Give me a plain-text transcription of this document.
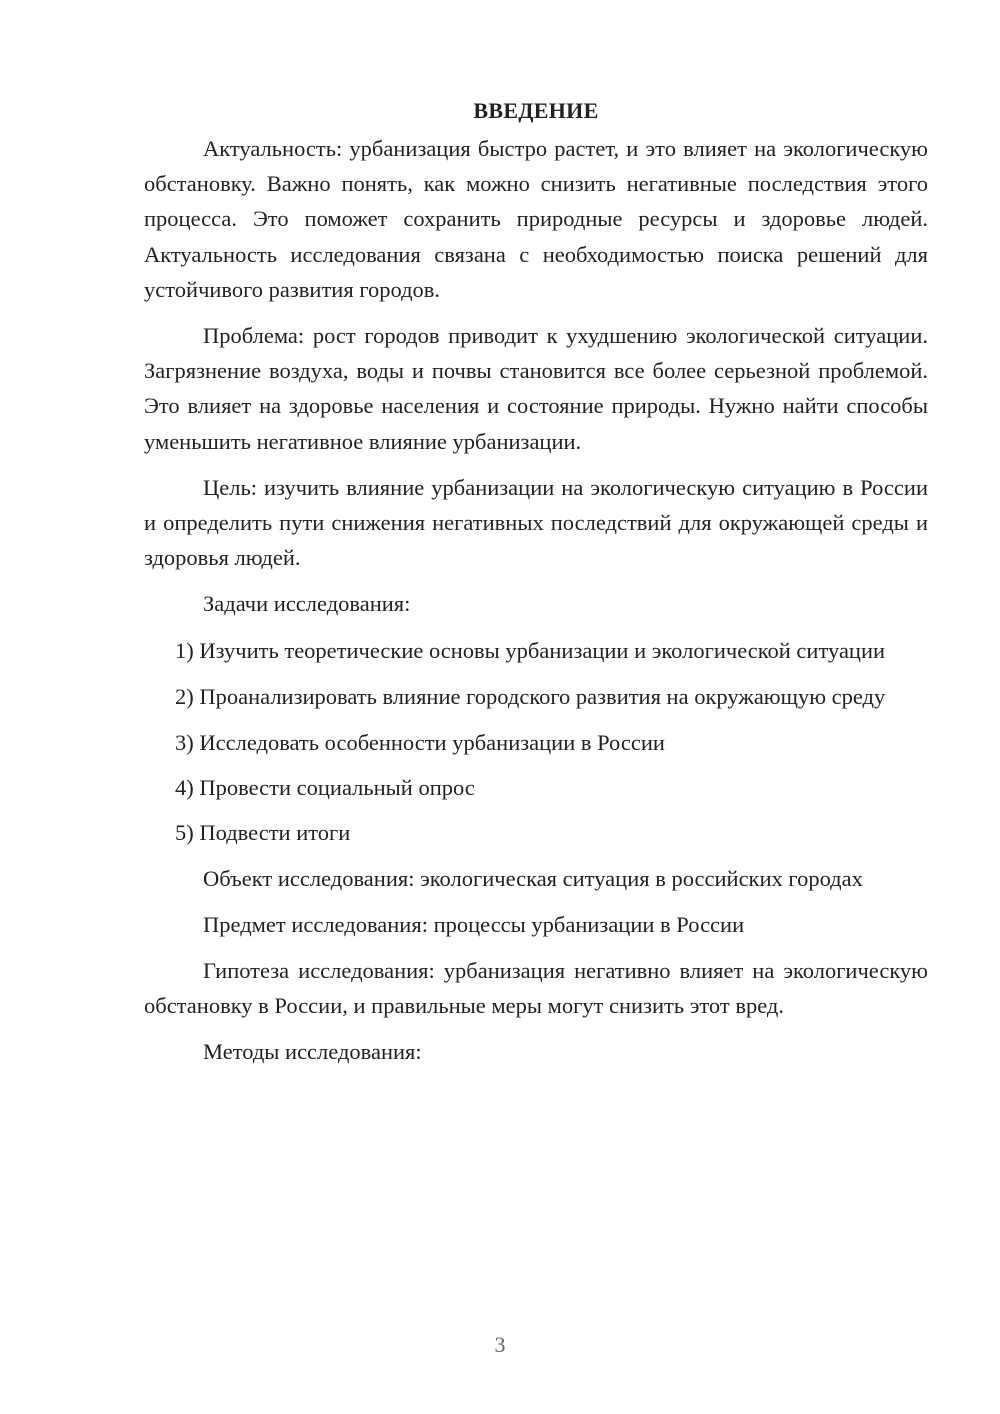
ВВЕДЕНИЕ

Актуальность: урбанизация быстро растет, и это влияет на экологическую обстановку. Важно понять, как можно снизить негативные последствия этого процесса. Это поможет сохранить природные ресурсы и здоровье людей. Актуальность исследования связана с необходимостью поиска решений для устойчивого развития городов.

Проблема: рост городов приводит к ухудшению экологической ситуации. Загрязнение воздуха, воды и почвы становится все более серьезной проблемой. Это влияет на здоровье населения и состояние природы. Нужно найти способы уменьшить негативное влияние урбанизации.

Цель: изучить влияние урбанизации на экологическую ситуацию в России и определить пути снижения негативных последствий для окружающей среды и здоровья людей.

Задачи исследования:

1) Изучить теоретические основы урбанизации и экологической ситуации

2) Проанализировать влияние городского развития на окружающую среду

3) Исследовать особенности урбанизации в России

4) Провести социальный опрос

5) Подвести итоги

Объект исследования: экологическая ситуация в российских городах

Предмет исследования: процессы урбанизации в России

Гипотеза исследования: урбанизация негативно влияет на экологическую обстановку в России, и правильные меры могут снизить этот вред.

Методы исследования:

3
